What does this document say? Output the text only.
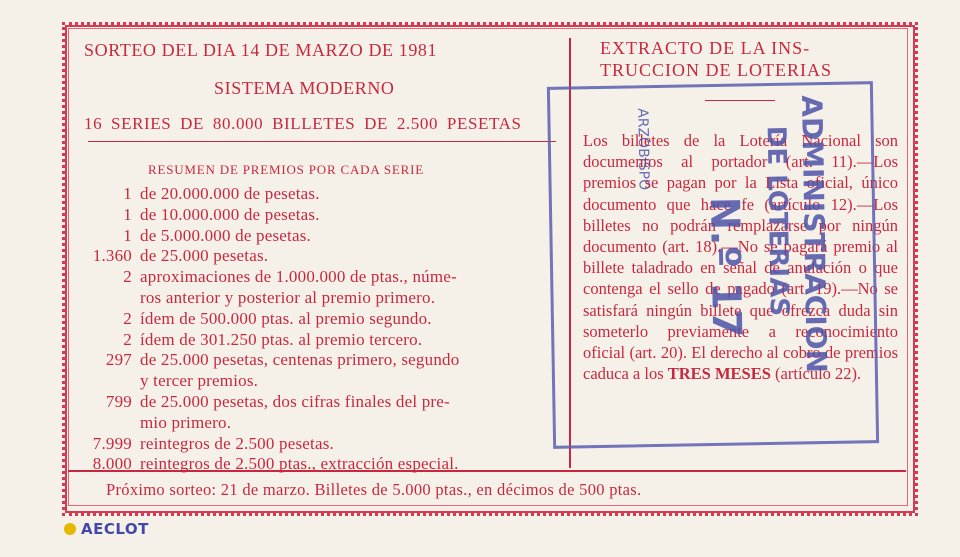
SORTEO DEL DIA 14 DE MARZO DE 1981
SISTEMA MODERNO
16 SERIES DE 80.000 BILLETES DE 2.500 PESETAS
RESUMEN DE PREMIOS POR CADA SERIE
1 de 20.000.000 de pesetas.
1 de 10.000.000 de pesetas.
1 de 5.000.000 de pesetas.
1.360 de 25.000 pesetas.
2 aproximaciones de 1.000.000 de ptas., núme-
ros anterior y posterior al premio primero.
2 ídem de 500.000 ptas. al premio segundo.
2 ídem de 301.250 ptas. al premio tercero.
297 de 25.000 pesetas, centenas primero, segundo
y tercer premios.
799 de 25.000 pesetas, dos cifras finales del pre-
mio primero.
7.999 reintegros de 2.500 pesetas.
8.000 reintegros de 2.500 ptas., extracción especial.
EXTRACTO DE LA INS-
TRUCCION DE LOTERIAS

Los billetes de la Lotería Nacional son documentos al portador (art. 11).—Los premios se pagan por la Lista oficial, único documento que hace fe (artículo 12).—Los billetes no podrán remplazarse por ningún documento (art. 18).—No se pagará premio al billete taladrado en señal de anulación o que contenga el sello de pagado (art. 19).—No se satisfará ningún billete que ofrezca duda sin someterlo previamente a reconocimiento oficial (art. 20). El derecho al cobro de premios caduca a los TRES MESES (artículo 22).

ADMINISTRACION
DE LOTERIAS
N.º 17
ARZOBISPO
Próximo sorteo: 21 de marzo. Billetes de 5.000 ptas., en décimos de 500 ptas.
AECLOT
